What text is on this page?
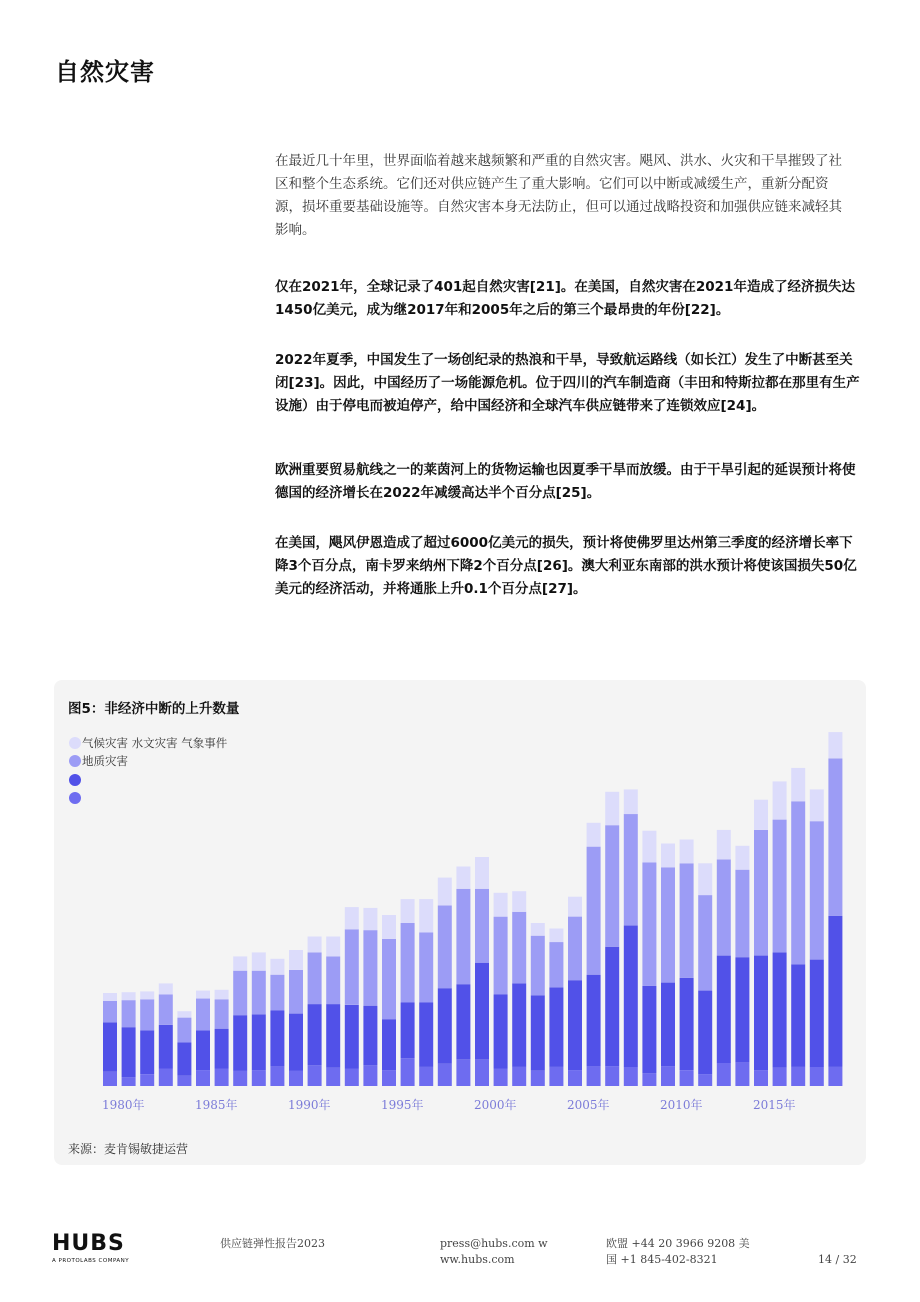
自然灾害
在最近几十年里，世界面临着越来越频繁和严重的自然灾害。飓风、洪水、火灾和干旱摧毁了社区和整个生态系统。它们还对供应链产生了重大影响。它们可以中断或减缓生产，重新分配资源，损坏重要基础设施等。自然灾害本身无法防止，但可以通过战略投资和加强供应链来减轻其影响。
仅在2021年，全球记录了401起自然灾害[21]。在美国，自然灾害在2021年造成了经济损失达1450亿美元，成为继2017年和2005年之后的第三个最昂贵的年份[22]。
2022年夏季，中国发生了一场创纪录的热浪和干旱，导致航运路线（如长江）发生了中断甚至关闭[23]。因此，中国经历了一场能源危机。位于四川的汽车制造商（丰田和特斯拉都在那里有生产设施）由于停电而被迫停产，给中国经济和全球汽车供应链带来了连锁效应[24]。
欧洲重要贸易航线之一的莱茵河上的货物运输也因夏季干旱而放缓。由于干旱引起的延误预计将使德国的经济增长在2022年减缓高达半个百分点[25]。
在美国，飓风伊恩造成了超过6000亿美元的损失，预计将使佛罗里达州第三季度的经济增长率下降3个百分点，南卡罗来纳州下降2个百分点[26]。澳大利亚东南部的洪水预计将使该国损失50亿美元的经济活动，并将通胀上升0.1个百分点[27]。
图5：非经济中断的上升数量
气候灾害 水文灾害 气象事件
地质灾害
1980年	1985年	1990年	1995年	2000年	2005年	2010年	2015年
来源：麦肯锡敏捷运营
HUBS
A PROTOLABS COMPANY
供应链弹性报告2023	press@hubs.com w ww.hubs.com
欧盟 +44 20 3966 9208 美国 +1 845-402-8321	14 / 32
